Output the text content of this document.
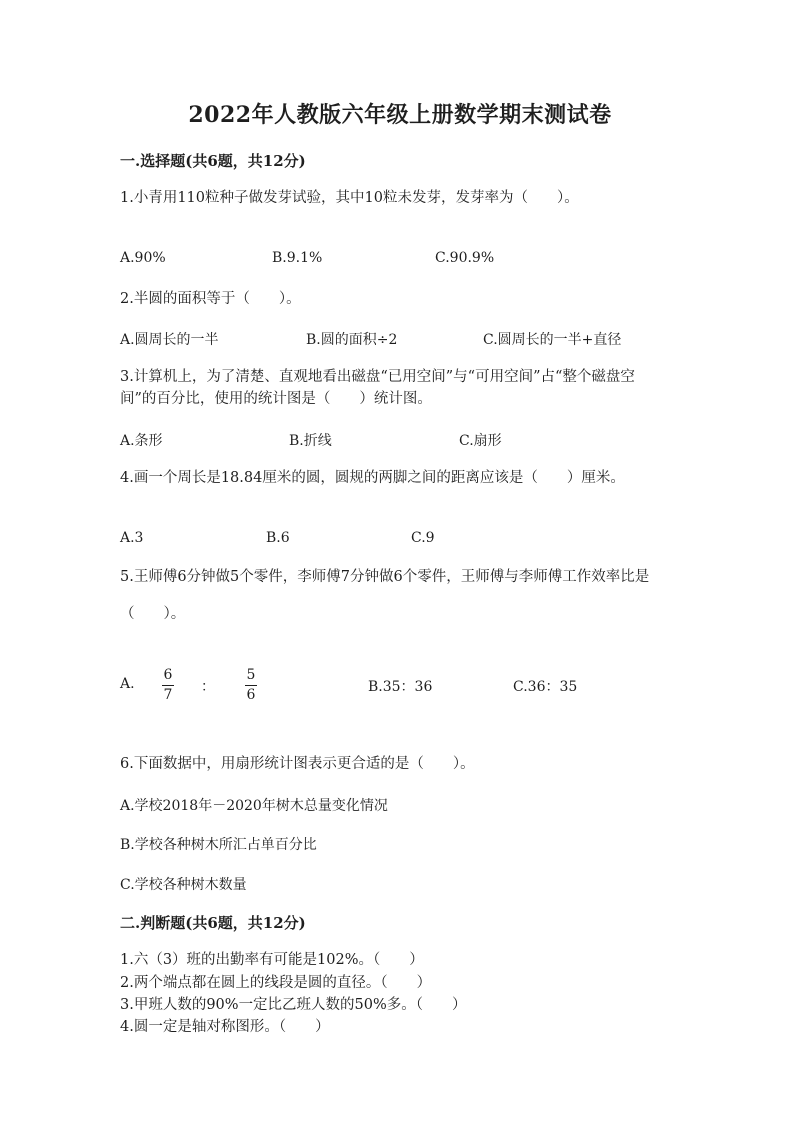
2022年人教版六年级上册数学期末测试卷
一.选择题(共6题，共12分)
1.小青用110粒种子做发芽试验，其中10粒未发芽，发芽率为（　　）。
A.90%	B.9.1%	C.90.9%
2.半圆的面积等于（　　）。
A.圆周长的一半	B.圆的面积÷2	C.圆周长的一半+直径
3.计算机上，为了清楚、直观地看出磁盘“已用空间”与“可用空间”占“整个磁盘空间”的百分比，使用的统计图是（　　）统计图。
A.条形	B.折线	C.扇形
4.画一个周长是18.84厘米的圆，圆规的两脚之间的距离应该是（　　）厘米。
A.3	B.6	C.9
5.王师傅6分钟做5个零件，李师傅7分钟做6个零件，王师傅与李师傅工作效率比是（　　）。
A.
6
7 ：
5
6	B.35：36	C.36：35
6.下面数据中，用扇形统计图表示更合适的是（　　）。
A.学校2018年－2020年树木总量变化情况
B.学校各种树木所汇占单百分比
C.学校各种树木数量
二.判断题(共6题，共12分)
1.六（3）班的出勤率有可能是102%。（　　）
2.两个端点都在圆上的线段是圆的直径。（　　）
3.甲班人数的90%一定比乙班人数的50%多。（　　）
4.圆一定是轴对称图形。（　　）
